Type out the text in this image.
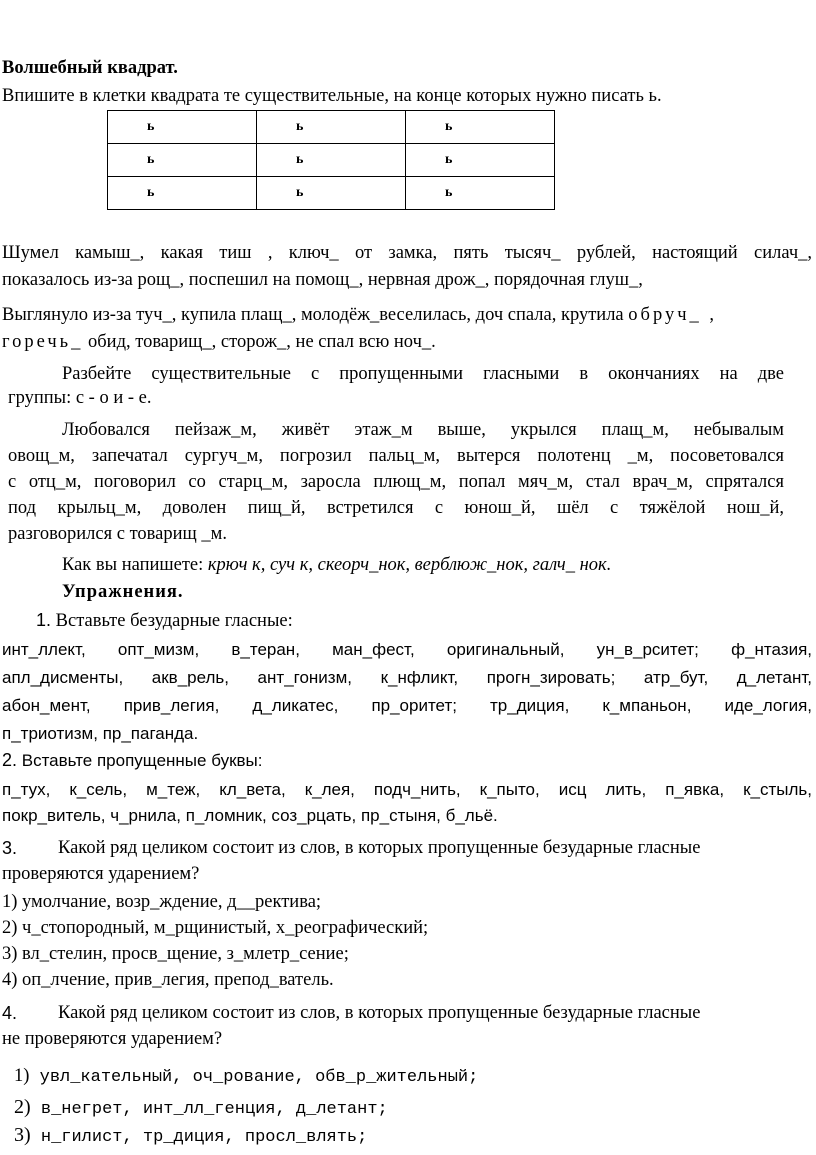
Волшебный квадрат.
Впишите в клетки квадрата те существительные, на конце которых нужно писать ь.
ь	ь	ь
ь	ь	ь
ь	ь	ь
Шумел камыш_, какая тиш , ключ_ от замка, пять тысяч_ рублей, настоящий силач_,
показалось из-за рощ_, поспешил на помощ_, нервная дрож_, порядочная глуш_,
Выглянуло из-за туч_, купила плащ_, молодёж_веселилась, доч спала, крутила обруч_ ,
горечь_ обид, товарищ_, сторож_, не спал всю ноч_.
Разбейте существительные с пропущенными гласными в окончаниях на две
группы: с - о и - е.
Любовался пейзаж_м, живёт этаж_м выше, укрылся плащ_м, небывалым
овощ_м, запечатал сургуч_м, погрозил пальц_м, вытерся полотенц _м, посоветовался
с отц_м, поговорил со старц_м, заросла плющ_м, попал мяч_м, стал врач_м, спрятался
под крыльц_м, доволен пищ_й, встретился с юнош_й, шёл с тяжёлой нош_й,
разговорился с товарищ _м.
Как вы напишете: крюч к, суч к, скеорч_нок, верблюж_нок, галч_ нок.
Упражнения.
1. Вставьте безударные гласные:
инт_ллект, опт_мизм, в_теран, ман_фест, оригинальный, ун_в_рситет; ф_нтазия,
апл_дисменты, акв_рель, ант_гонизм, к_нфликт, прогн_зировать; атр_бут, д_летант,
абон_мент, прив_легия, д_ликатес, пр_оритет; тр_диция, к_мпаньон, иде_логия,
п_триотизм, пр_паганда.
2. Вставьте пропущенные буквы:
п_тух, к_сель, м_теж, кл_вета, к_лея, подч_нить, к_пыто, исц лить, п_явка, к_стыль,
покр_витель, ч_рнила, п_ломник, соз_рцать, пр_стыня, б_льё.
3. Какой ряд целиком состоит из слов, в которых пропущенные безударные гласные
проверяются ударением?
1) умолчание, возр_ждение, д__ректива;
2) ч_стопородный, м_рщинистый, х_реографический;
3) вл_стелин, просв_щение, з_млетр_сение;
4) оп_лчение, прив_легия, препод_ватель.
4. Какой ряд целиком состоит из слов, в которых пропущенные безударные гласные
не проверяются ударением?
1) увл_кательный, оч_рование, обв_р_жительный;
2) в_негрет, инт_лл_генция, д_летант;
3) н_гилист, тр_диция, просл_влять;
